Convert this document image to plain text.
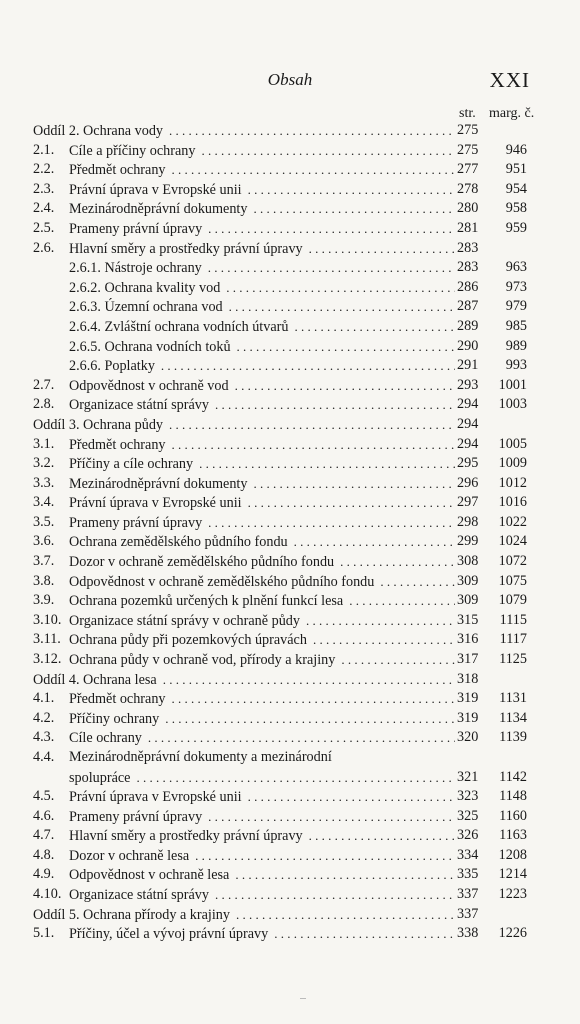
Obsah	XXI
str. marg. č.
Oddíl 2. Ochrana vody . . .	275
2.1. Cíle a příčiny ochrany . . .	275 946
2.2. Předmět ochrany . . .	277 951
2.3. Právní úprava v Evropské unii . . .	278 954
2.4. Mezinárodněprávní dokumenty . . .	280 958
2.5. Prameny právní úpravy . . .	281 959
2.6. Hlavní směry a prostředky právní úpravy . . .	283
2.6.1. Nástroje ochrany . . .	283 963
2.6.2. Ochrana kvality vod . . .	286 973
2.6.3. Územní ochrana vod . . .	287 979
2.6.4. Zvláštní ochrana vodních útvarů . . .	289 985
2.6.5. Ochrana vodních toků . . .	290 989
2.6.6. Poplatky . . .	291 993
2.7. Odpovědnost v ochraně vod . . .	293 1001
2.8. Organizace státní správy . . .	294 1003
Oddíl 3. Ochrana půdy . . .	294
3.1. Předmět ochrany . . .	294 1005
3.2. Příčiny a cíle ochrany . . .	295 1009
3.3. Mezinárodněprávní dokumenty . . .	296 1012
3.4. Právní úprava v Evropské unii . . .	297 1016
3.5. Prameny právní úpravy . . .	298 1022
3.6. Ochrana zemědělského půdního fondu . . .	299 1024
3.7. Dozor v ochraně zemědělského půdního fondu . . .	308 1072
3.8. Odpovědnost v ochraně zemědělského půdního fondu . . .	309 1075
3.9. Ochrana pozemků určených k plnění funkcí lesa . . .	309 1079
3.10. Organizace státní správy v ochraně půdy . . .	315 1115
3.11. Ochrana půdy při pozemkových úpravách . . .	316 1117
3.12. Ochrana půdy v ochraně vod, přírody a krajiny . . .	317 1125
Oddíl 4. Ochrana lesa . . .	318
4.1. Předmět ochrany . . .	319 1131
4.2. Příčiny ochrany . . .	319 1134
4.3. Cíle ochrany . . .	320 1139
4.4. Mezinárodněprávní dokumenty a mezinárodní
spolupráce . . .	321 1142
4.5. Právní úprava v Evropské unii . . .	323 1148
4.6. Prameny právní úpravy . . .	325 1160
4.7. Hlavní směry a prostředky právní úpravy . . .	326 1163
4.8. Dozor v ochraně lesa . . .	334 1208
4.9. Odpovědnost v ochraně lesa . . .	335 1214
4.10. Organizace státní správy . . .	337 1223
Oddíl 5. Ochrana přírody a krajiny . . .	337
5.1. Příčiny, účel a vývoj právní úpravy . . .	338 1226
